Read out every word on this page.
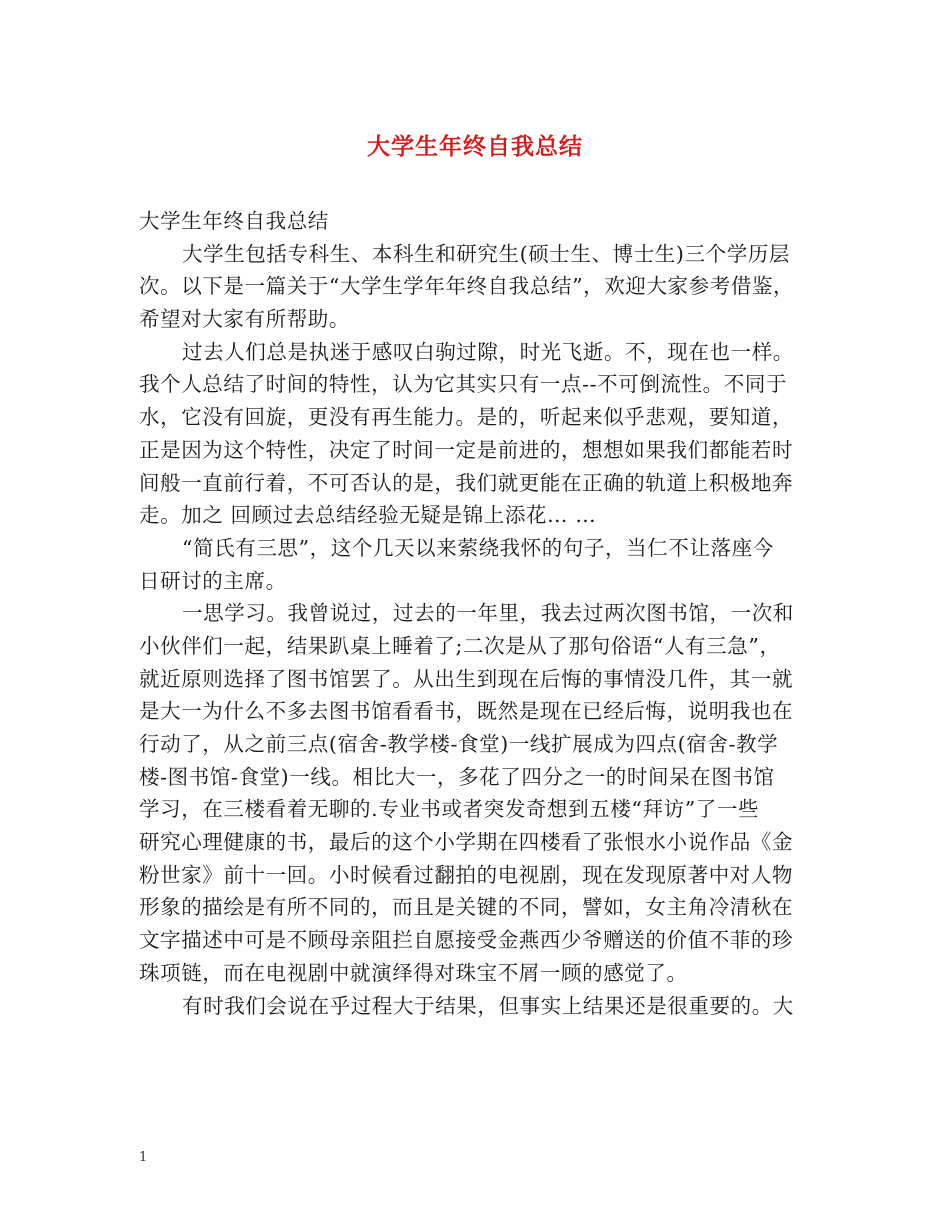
大学生年终自我总结
大学生年终自我总结
大学生包括专科生、本科生和研究生(硕士生、博士生)三个学历层
次。以下是一篇关于“大学生学年年终自我总结”，欢迎大家参考借鉴，
希望对大家有所帮助。
过去人们总是执迷于感叹白驹过隙，时光飞逝。不，现在也一样。
我个人总结了时间的特性，认为它其实只有一点--不可倒流性。不同于
水，它没有回旋，更没有再生能力。是的，听起来似乎悲观，要知道，
正是因为这个特性，决定了时间一定是前进的，想想如果我们都能若时
间般一直前行着，不可否认的是，我们就更能在正确的轨道上积极地奔
走。加之 回顾过去总结经验无疑是锦上添花… …
“简氏有三思”，这个几天以来萦绕我怀的句子，当仁不让落座今
日研讨的主席。
一思学习。我曾说过，过去的一年里，我去过两次图书馆，一次和
小伙伴们一起，结果趴桌上睡着了;二次是从了那句俗语“人有三急”，
就近原则选择了图书馆罢了。从出生到现在后悔的事情没几件，其一就
是大一为什么不多去图书馆看看书，既然是现在已经后悔，说明我也在
行动了，从之前三点(宿舍-教学楼-食堂)一线扩展成为四点(宿舍-教学
楼-图书馆-食堂)一线。相比大一，多花了四分之一的时间呆在图书馆
学习，在三楼看着无聊的.专业书或者突发奇想到五楼“拜访”了一些
研究心理健康的书，最后的这个小学期在四楼看了张恨水小说作品《金
粉世家》前十一回。小时候看过翻拍的电视剧，现在发现原著中对人物
形象的描绘是有所不同的，而且是关键的不同，譬如，女主角冷清秋在
文字描述中可是不顾母亲阻拦自愿接受金燕西少爷赠送的价值不菲的珍
珠项链，而在电视剧中就演绎得对珠宝不屑一顾的感觉了。
有时我们会说在乎过程大于结果，但事实上结果还是很重要的。大
1
